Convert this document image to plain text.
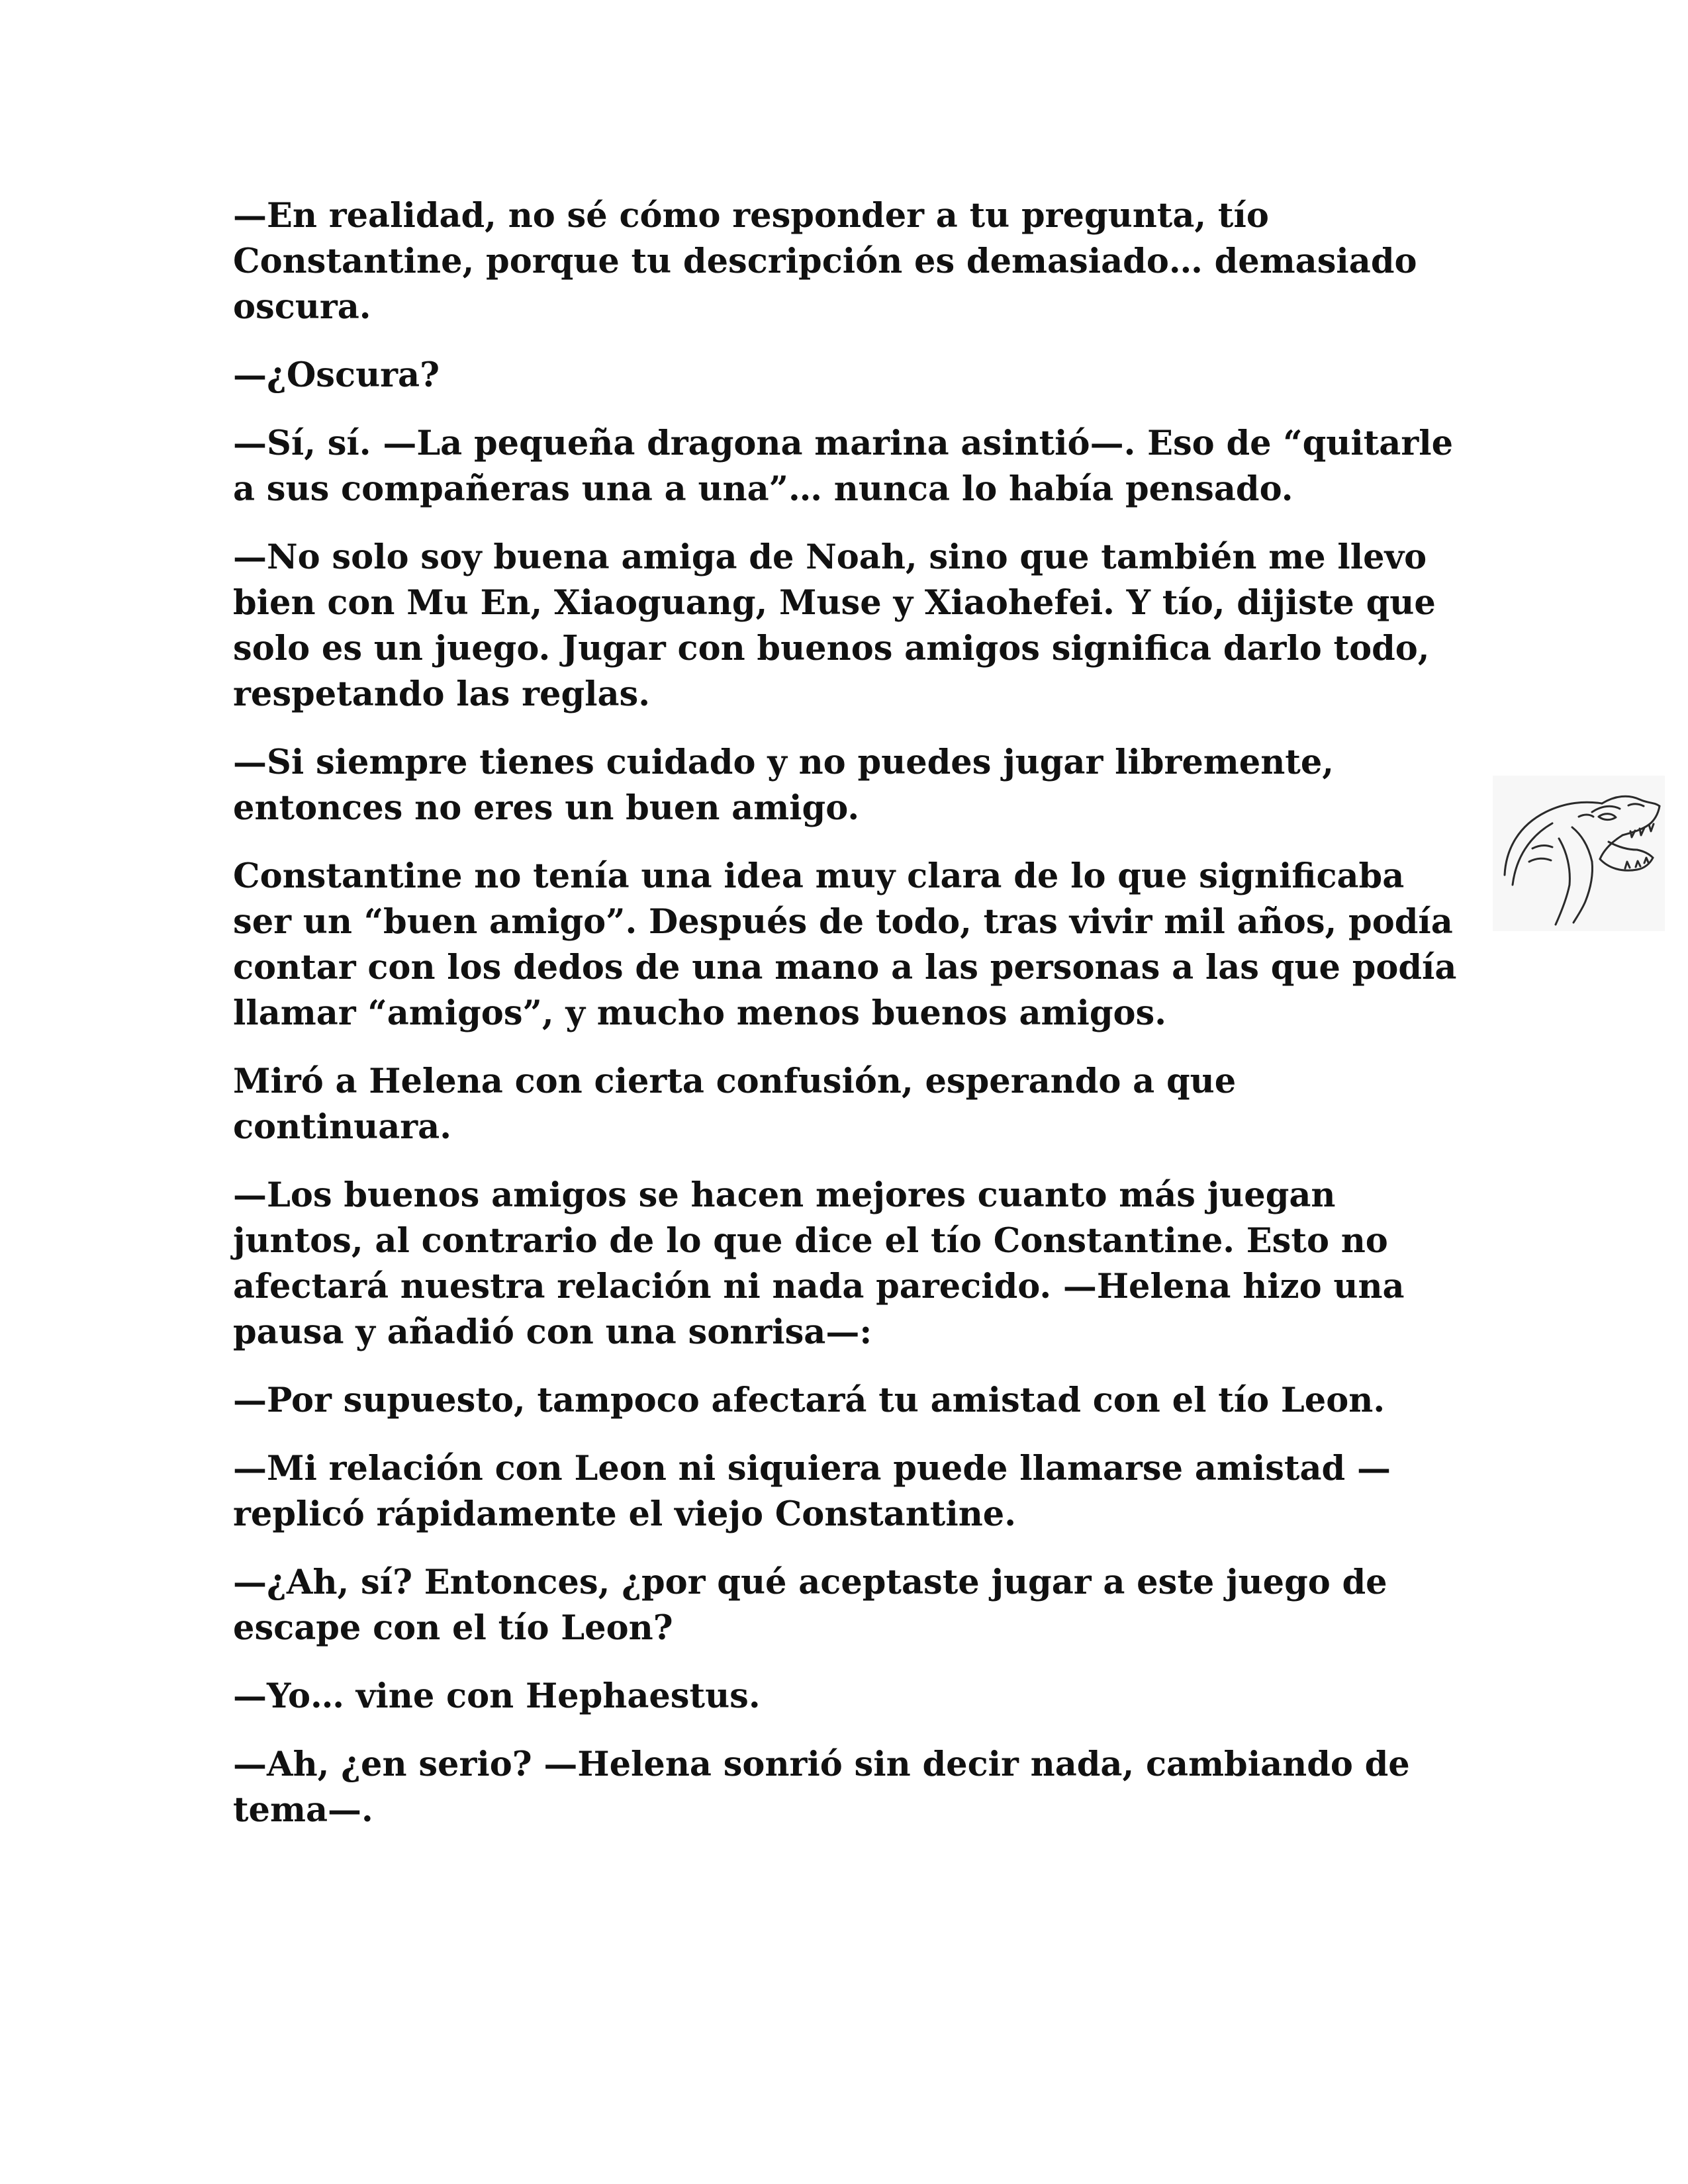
—En realidad, no sé cómo responder a tu pregunta, tío Constantine, porque tu descripción es demasiado… demasiado oscura.

—¿Oscura?

—Sí, sí. —La pequeña dragona marina asintió—. Eso de “quitarle a sus compañeras una a una”… nunca lo había pensado.

—No solo soy buena amiga de Noah, sino que también me llevo bien con Mu En, Xiaoguang, Muse y Xiaohefei. Y tío, dijiste que solo es un juego. Jugar con buenos amigos significa darlo todo, respetando las reglas.

—Si siempre tienes cuidado y no puedes jugar libremente, entonces no eres un buen amigo.

Constantine no tenía una idea muy clara de lo que significaba ser un “buen amigo”. Después de todo, tras vivir mil años, podía contar con los dedos de una mano a las personas a las que podía llamar “amigos”, y mucho menos buenos amigos.

Miró a Helena con cierta confusión, esperando a que continuara.

—Los buenos amigos se hacen mejores cuanto más juegan juntos, al contrario de lo que dice el tío Constantine. Esto no afectará nuestra relación ni nada parecido. —Helena hizo una pausa y añadió con una sonrisa—:

—Por supuesto, tampoco afectará tu amistad con el tío Leon.

—Mi relación con Leon ni siquiera puede llamarse amistad —replicó rápidamente el viejo Constantine.

—¿Ah, sí? Entonces, ¿por qué aceptaste jugar a este juego de escape con el tío Leon?

—Yo… vine con Hephaestus.

—Ah, ¿en serio? —Helena sonrió sin decir nada, cambiando de tema—.
